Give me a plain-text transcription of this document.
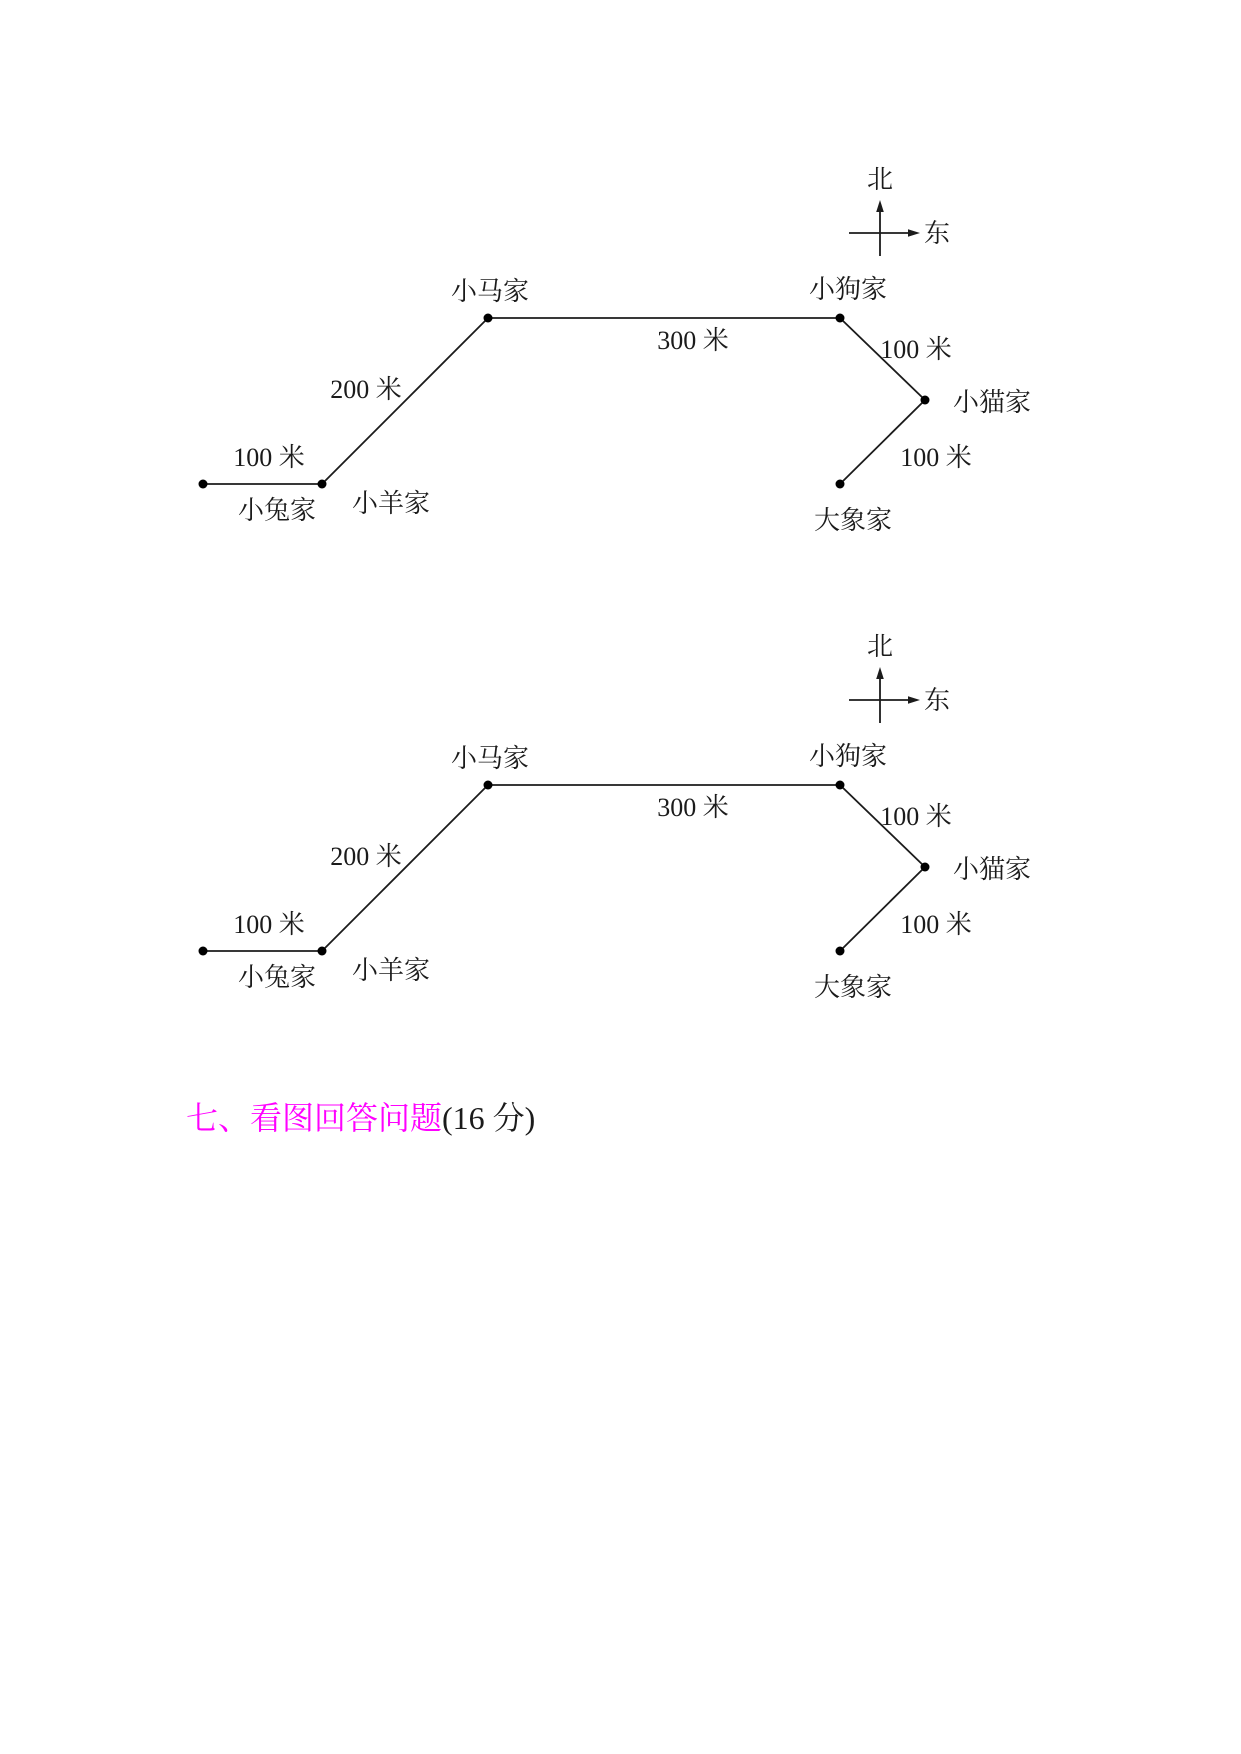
北
东
小兔家 小羊家
小马家	小狗家
小猫家
大象家
100 米
200 米
300 米	100 米
100 米
北
东
小兔家 小羊家
小马家	小狗家
小猫家
大象家
100 米
200 米
300 米	100 米
100 米
七、看图回答问题(16 分)
